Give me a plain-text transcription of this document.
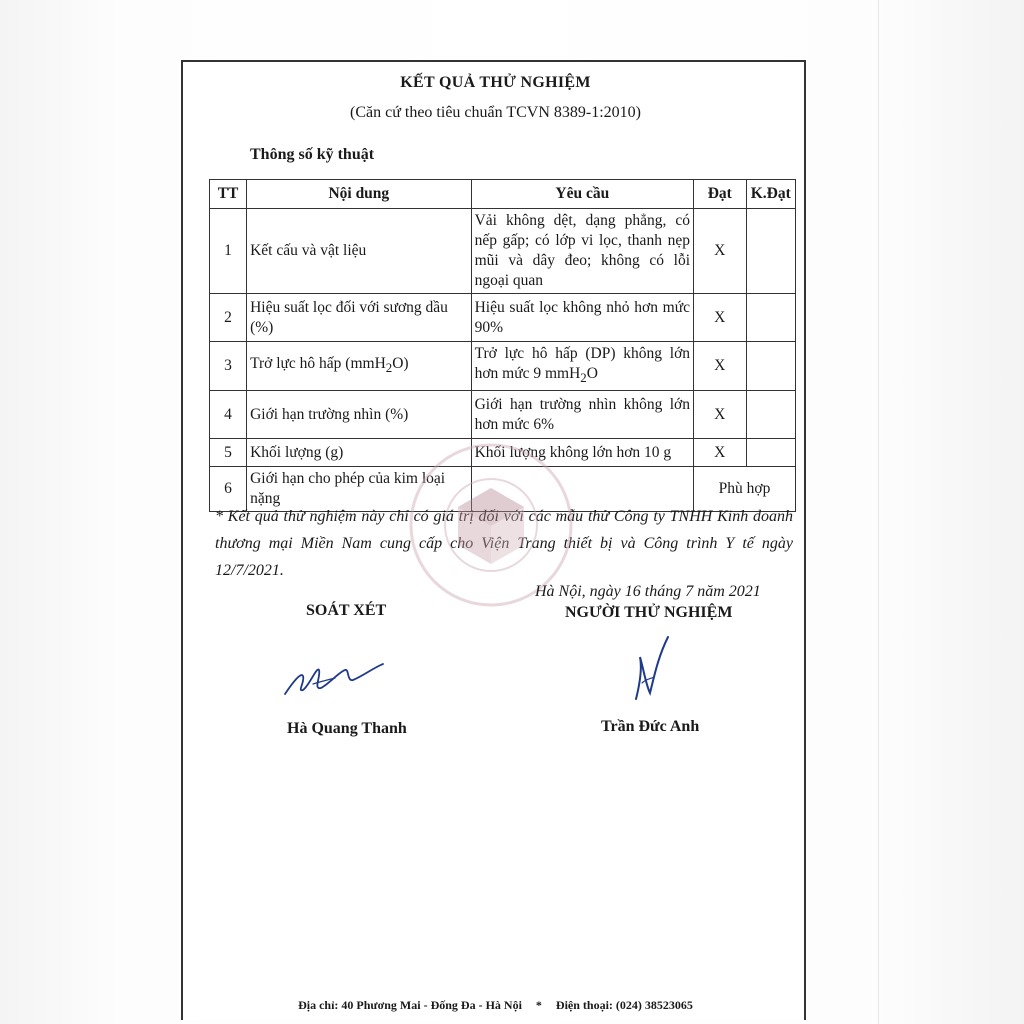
KẾT QUẢ THỬ NGHIỆM
(Căn cứ theo tiêu chuẩn TCVN 8389-1:2010)
Thông số kỹ thuật
TT	Nội dung	Yêu cầu	Đạt	K.Đạt
1	Kết cấu và vật liệu	Vải không dệt, dạng phẳng, có nếp gấp; có lớp vi lọc, thanh nẹp mũi và dây đeo; không có lỗi ngoại quan	X	
2	Hiệu suất lọc đối với sương dầu (%)	Hiệu suất lọc không nhỏ hơn mức 90%	X	
3	Trở lực hô hấp (mmH$_2$O)	Trở lực hô hấp (DP) không lớn hơn mức 9 mmH$_2$O	X	
4	Giới hạn trường nhìn (%)	Giới hạn trường nhìn không lớn hơn mức 6%	X	
5	Khối lượng (g)	Khối lượng không lớn hơn 10 g	X	
6	Giới hạn cho phép của kim loại nặng		Phù hợp	
* Kết quả thử nghiệm này chỉ có giá trị đối với các mẫu thử Công ty TNHH Kinh doanh thương mại Miền Nam cung cấp cho Viện Trang thiết bị và Công trình Y tế ngày 12/7/2021.
Hà Nội, ngày 16 tháng 7 năm 2021
SOÁT XÉT	NGƯỜI THỬ NGHIỆM
Hà Quang Thanh	Trần Đức Anh
Địa chỉ: 40 Phương Mai - Đống Đa - Hà Nội * Điện thoại: (024) 38523065
